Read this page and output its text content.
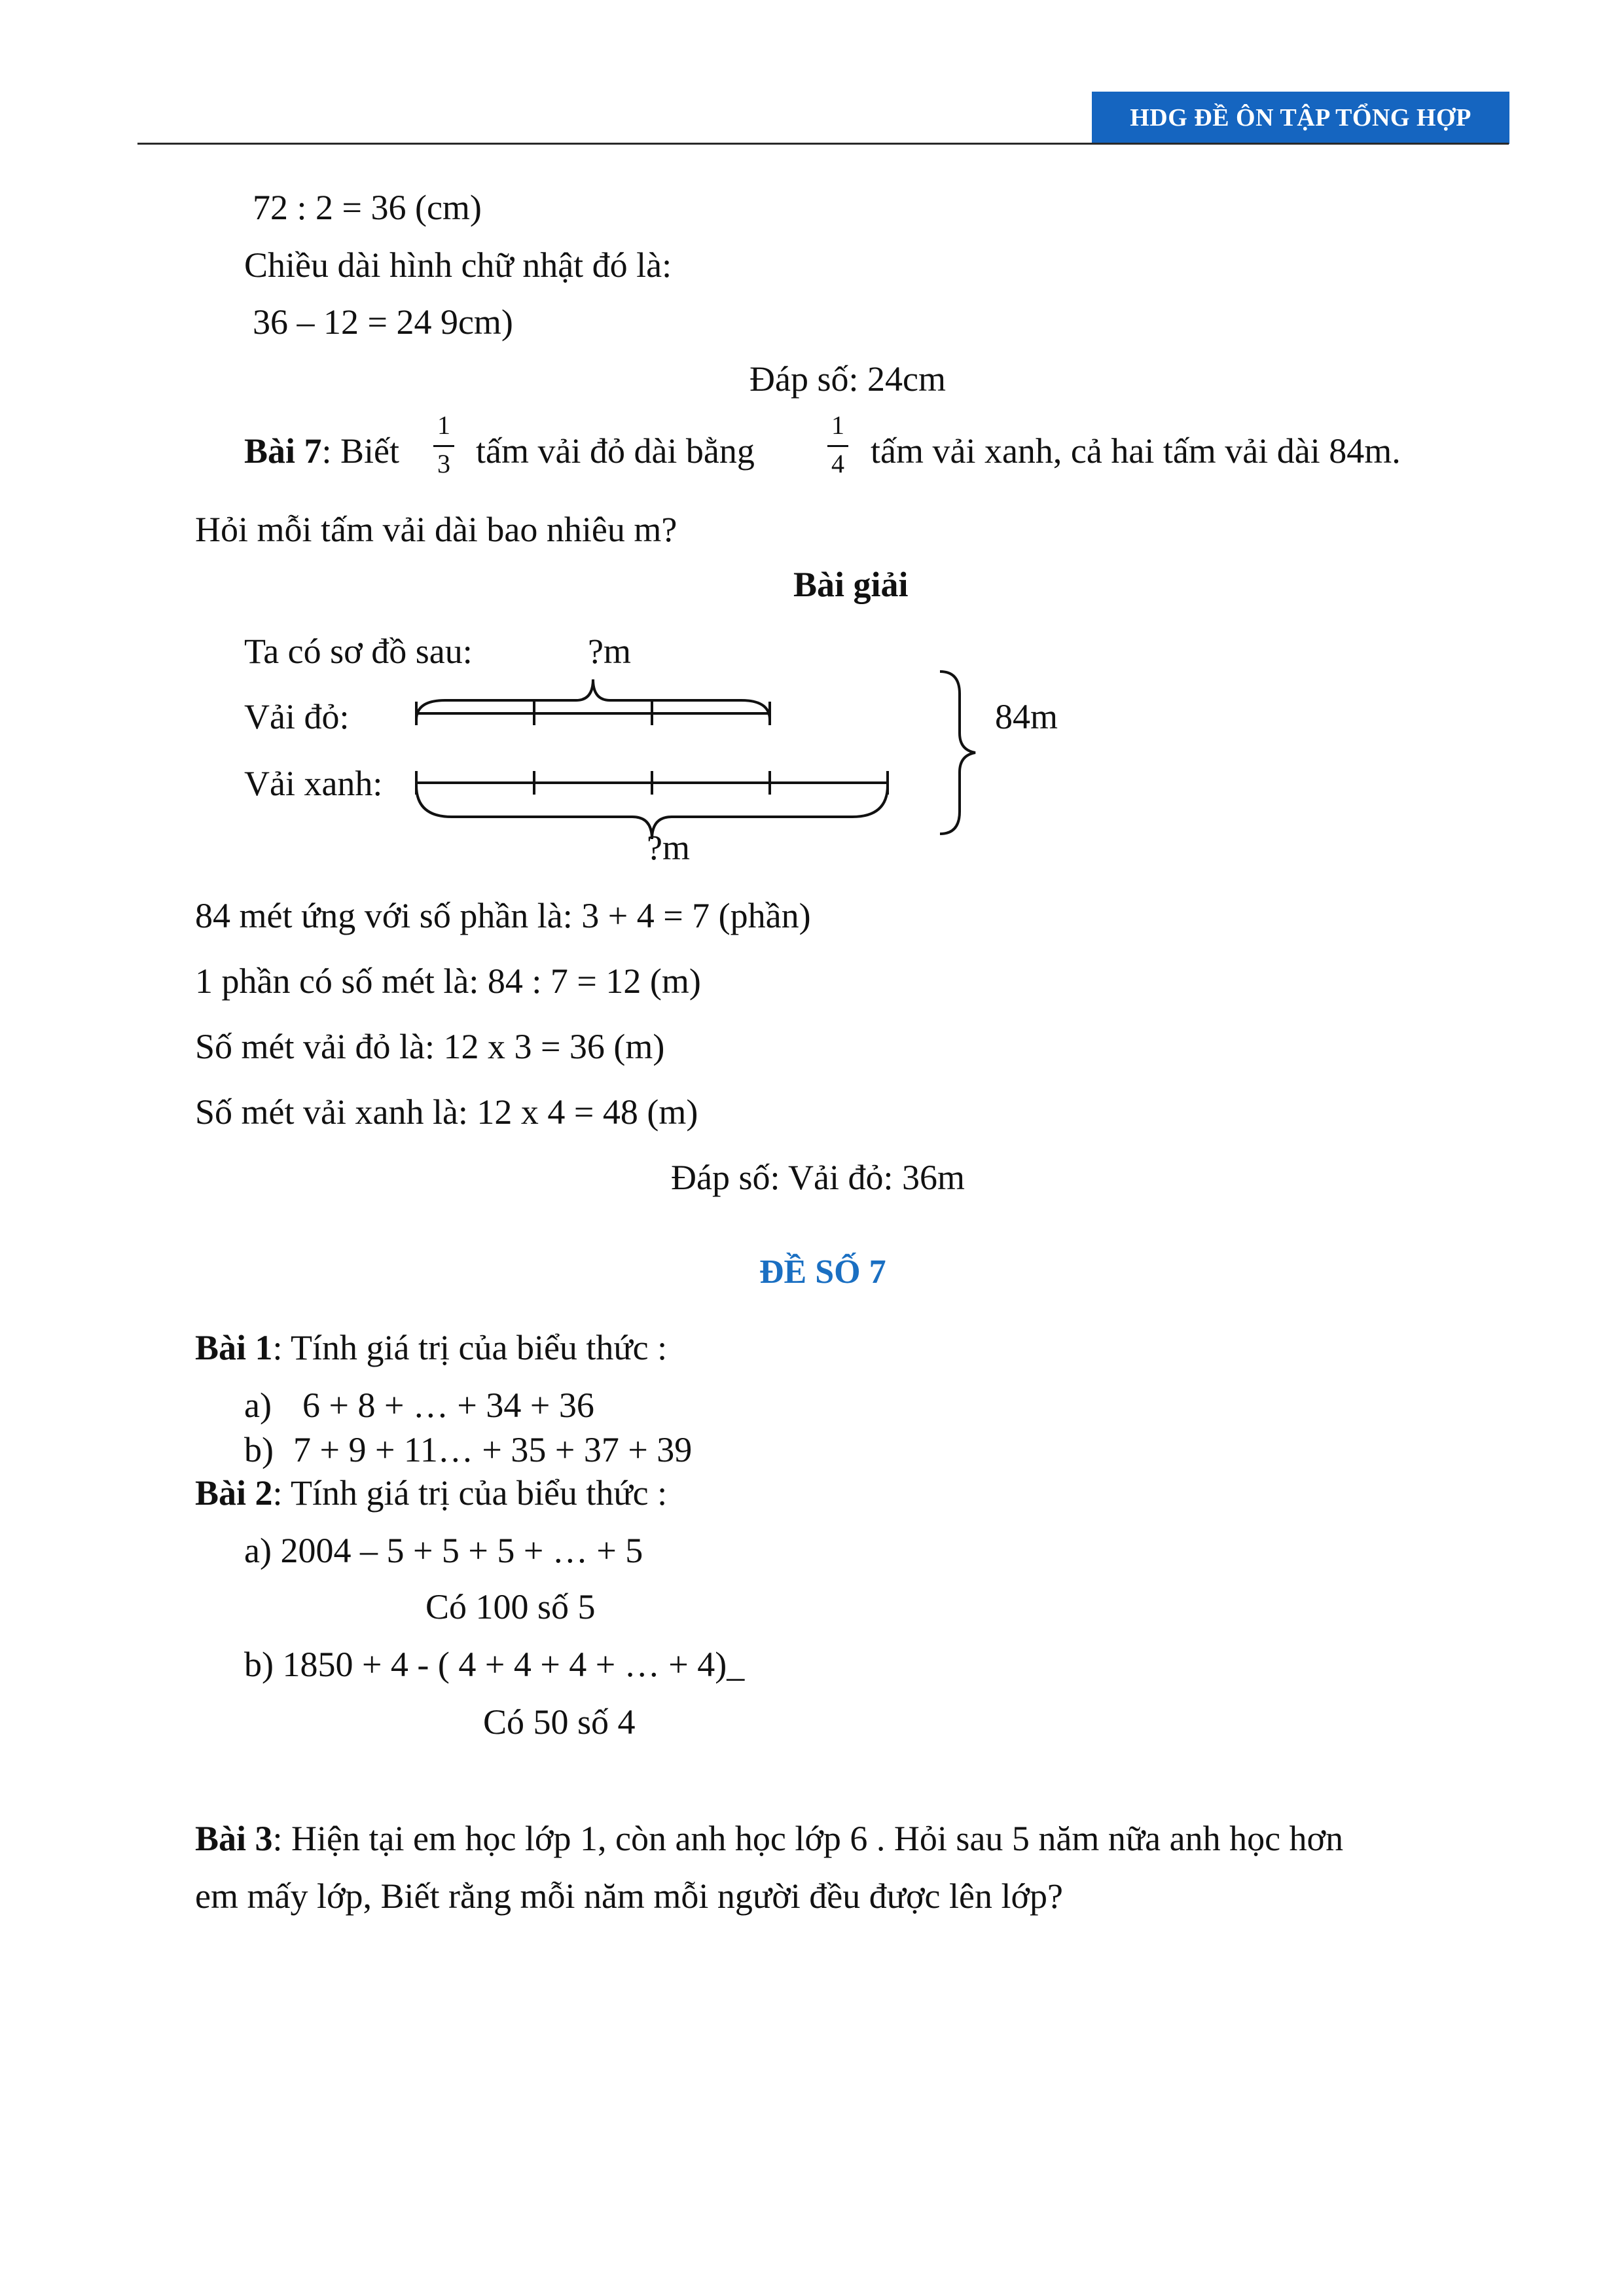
HDG ĐỀ ÔN TẬP TỔNG HỢP
72 : 2 = 36 (cm)
Chiều dài hình chữ nhật đó là:
36 – 12 = 24 9cm)
Đáp số: 24cm
Bài 7: Biết
1
3 tấm vải đỏ dài bằng
1
4 tấm vải xanh, cả hai tấm vải dài 84m.
Hỏi mỗi tấm vải dài bao nhiêu m?
Bài giải
Ta có sơ đồ sau:	?m
Vải đỏ:
Vải xanh:
?m
84m
84 mét ứng với số phần là: 3 + 4 = 7 (phần)
1 phần có số mét là: 84 : 7 = 12 (m)
Số mét vải đỏ là: 12 x 3 = 36 (m)
Số mét vải xanh là: 12 x 4 = 48 (m)
Đáp số: Vải đỏ: 36m
ĐỀ SỐ 7
Bài 1: Tính giá trị của biểu thức :
a) 6 + 8 + … + 34 + 36
b) 7 + 9 + 11… + 35 + 37 + 39
Bài 2: Tính giá trị của biểu thức :
a) 2004 – 5 + 5 + 5 + … + 5
Có 100 số 5
b) 1850 + 4 - ( 4 + 4 + 4 + … + 4)_
Có 50 số 4
Bài 3: Hiện tại em học lớp 1, còn anh học lớp 6 . Hỏi sau 5 năm nữa anh học hơn
em mấy lớp, Biết rằng mỗi năm mỗi người đều được lên lớp?
